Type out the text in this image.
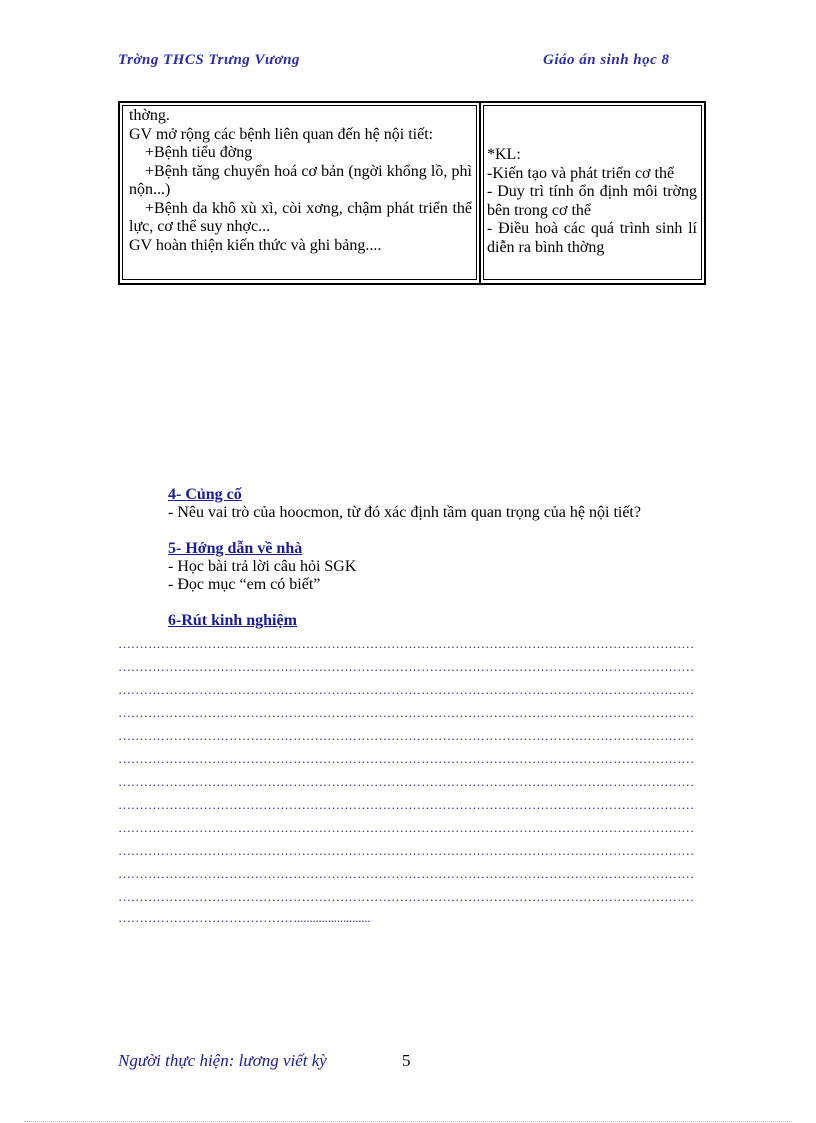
Trờng THCS Trưng Vương	Giáo án sinh học 8
thờng.
GV mở rộng các bệnh liên quan đến hệ nội tiết:
+Bệnh tiểu đờng
+Bệnh tăng chuyển hoá cơ bản (ngời khổng lồ, phì nộn...)
+Bệnh da khô xù xì, còi xơng, chậm phát triển thể lực, cơ thể suy nhợc...
GV hoàn thiện kiến thức và ghi bảng....
*KL:
-Kiến tạo và phát triển cơ thể
- Duy trì tính ổn định môi trờng bên trong cơ thể
- Điều hoà các quá trình sinh lí diễn ra bình thờng
4- Củng cố
- Nêu vai trò của hoocmon, từ đó xác định tầm quan trọng của hệ nội tiết?
5- Hớng dẫn về nhà
- Học bài trả lời câu hỏi SGK
- Đọc mục “em có biết”
6-Rút kinh nghiệm
………………………………………………………………………………………………………………………
………………………………………………………………………………………………………………………
………………………………………………………………………………………………………………………
………………………………………………………………………………………………………………………
………………………………………………………………………………………………………………………
………………………………………………………………………………………………………………………
………………………………………………………………………………………………………………………
………………………………………………………………………………………………………………………
………………………………………………………………………………………………………………………
………………………………………………………………………………………………………………………
………………………………………………………………………………………………………………………
………………………………………………………………………………………………………………………
……………………………………........................
Người thực hiện: lương viết kỳ	5
